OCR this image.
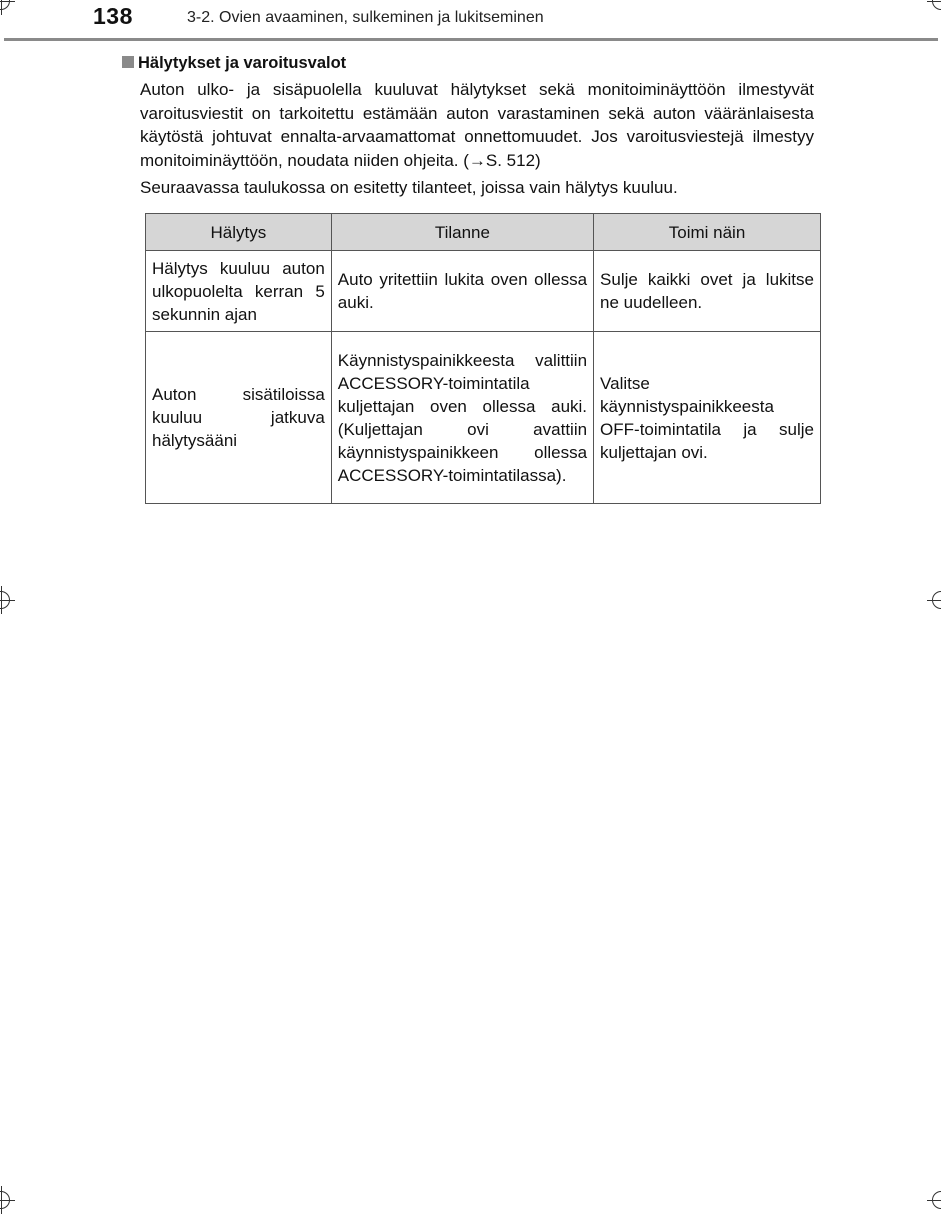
138	3-2. Ovien avaaminen, sulkeminen ja lukitseminen
Hälytykset ja varoitusvalot

Auton ulko- ja sisäpuolella kuuluvat hälytykset sekä monitoiminäyttöön ilmestyvät varoitusviestit on tarkoitettu estämään auton varastaminen sekä auton vääränlaisesta käytöstä johtuvat ennalta-arvaamattomat onnettomuudet. Jos varoitusviestejä ilmestyy monitoiminäyttöön, noudata niiden ohjeita. (→S. 512)

Seuraavassa taulukossa on esitetty tilanteet, joissa vain hälytys kuuluu.

Hälytys	Tilanne	Toimi näin
Hälytys kuuluu auton ulkopuolelta kerran 5 sekunnin ajan	Auto yritettiin lukita oven ollessa auki.	Sulje kaikki ovet ja lukitse ne uudelleen.
Auton sisätiloissa kuuluu jatkuva hälytysääni	Käynnistyspainikkeesta valittiin ACCESSORY-toimintatila kuljettajan oven ollessa auki. (Kuljettajan ovi avattiin käynnistyspainikkeen ollessa ACCESSORY-toimintatilassa).	Valitse käynnistyspainikkeesta OFF-toimintatila ja sulje kuljettajan ovi.
